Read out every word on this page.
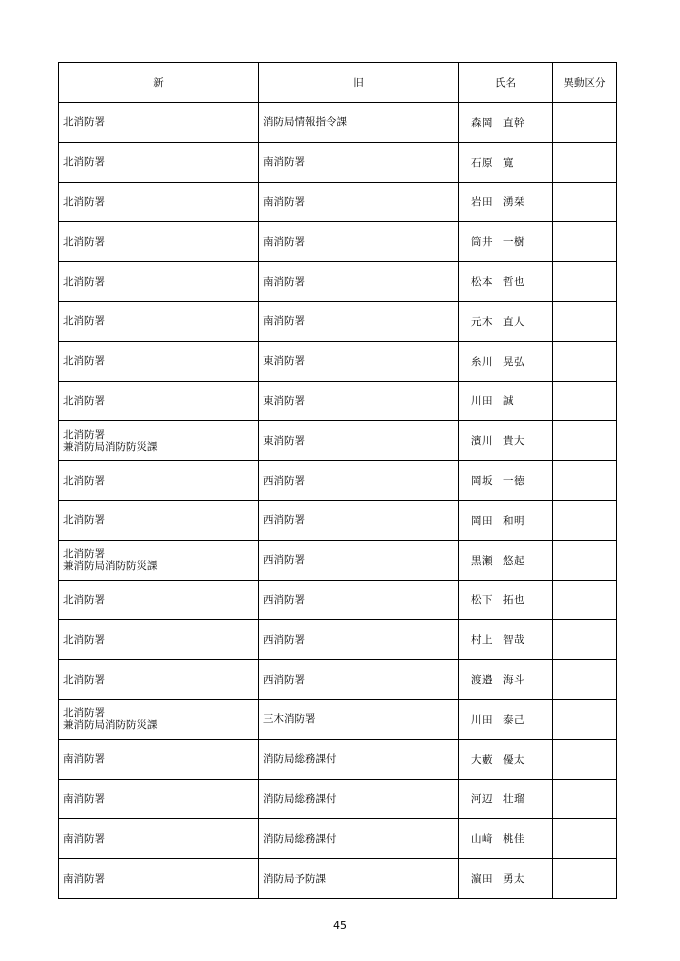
新	旧	氏名	異動区分

北消防署	消防局情報指令課	森岡 直幹	

北消防署	南消防署	石原 寛	

北消防署	南消防署	岩田 湧栞	

北消防署	南消防署	筒井 一樹	

北消防署	南消防署	松本 哲也	

北消防署	南消防署	元木 直人	

北消防署	東消防署	糸川 晃弘	

北消防署	東消防署	川田 誠	

北消防署
兼消防局消防防災課	東消防署	濱川 貴大	

北消防署	西消防署	岡坂 一徳	

北消防署	西消防署	岡田 和明	

北消防署
兼消防局消防防災課	西消防署	黒瀬 悠起	

北消防署	西消防署	松下 拓也	

北消防署	西消防署	村上 智哉	

北消防署	西消防署	渡邉 海斗	

北消防署
兼消防局消防防災課	三木消防署	川田 泰己	

南消防署	消防局総務課付	大藪 優太	

南消防署	消防局総務課付	河辺 壮瑠	

南消防署	消防局総務課付	山﨑 桃佳	

南消防署	消防局予防課	濵田 勇太	
45
